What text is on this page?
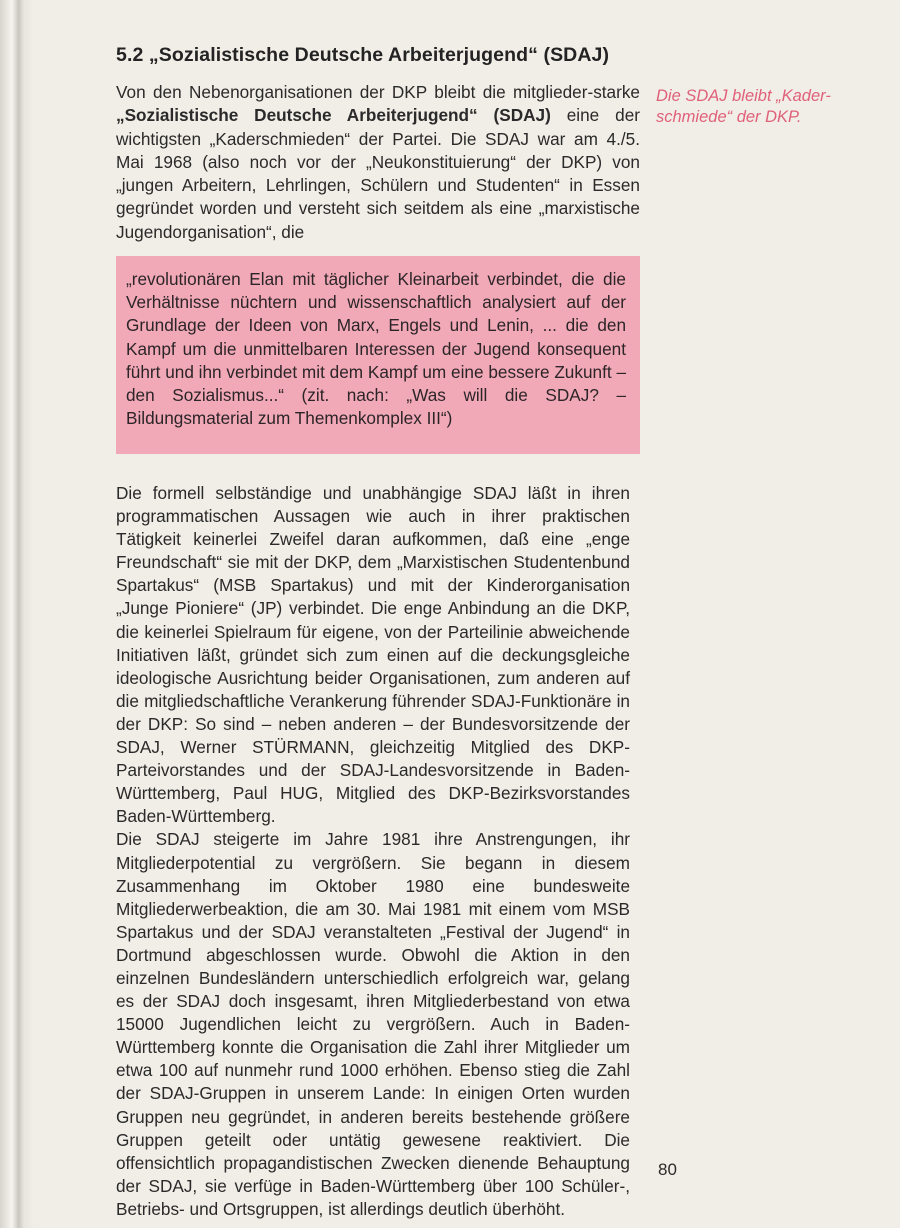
5.2 „Sozialistische Deutsche Arbeiterjugend“ (SDAJ)

Von den Nebenorganisationen der DKP bleibt die mitglieder-starke „Sozialistische Deutsche Arbeiterjugend“ (SDAJ) eine der wichtigsten „Kaderschmieden“ der Partei. Die SDAJ war am 4./5. Mai 1968 (also noch vor der „Neukonstituierung“ der DKP) von „jungen Arbeitern, Lehrlingen, Schülern und Studenten“ in Essen gegründet worden und versteht sich seitdem als eine „marxistische Jugendorganisation“, die

Die SDAJ bleibt „Kader-schmiede“ der DKP.

„revolutionären Elan mit täglicher Kleinarbeit verbindet, die die Verhältnisse nüchtern und wissenschaftlich analysiert auf der Grundlage der Ideen von Marx, Engels und Lenin, ... die den Kampf um die unmittelbaren Interessen der Jugend konsequent führt und ihn verbindet mit dem Kampf um eine bessere Zukunft – den Sozialismus...“ (zit. nach: „Was will die SDAJ? – Bildungsmaterial zum Themenkomplex III“)

Die formell selbständige und unabhängige SDAJ läßt in ihren programmatischen Aussagen wie auch in ihrer praktischen Tätigkeit keinerlei Zweifel daran aufkommen, daß eine „enge Freundschaft“ sie mit der DKP, dem „Marxistischen Studentenbund Spartakus“ (MSB Spartakus) und mit der Kinderorganisation „Junge Pioniere“ (JP) verbindet. Die enge Anbindung an die DKP, die keinerlei Spielraum für eigene, von der Parteilinie abweichende Initiativen läßt, gründet sich zum einen auf die deckungsgleiche ideologische Ausrichtung beider Organisationen, zum anderen auf die mitgliedschaftliche Verankerung führender SDAJ-Funktionäre in der DKP: So sind – neben anderen – der Bundesvorsitzende der SDAJ, Werner STÜRMANN, gleichzeitig Mitglied des DKP-Parteivorstandes und der SDAJ-Landesvorsitzende in Baden-Württemberg, Paul HUG, Mitglied des DKP-Bezirksvorstandes Baden-Württemberg.

Die SDAJ steigerte im Jahre 1981 ihre Anstrengungen, ihr Mitgliederpotential zu vergrößern. Sie begann in diesem Zusammenhang im Oktober 1980 eine bundesweite Mitgliederwerbeaktion, die am 30. Mai 1981 mit einem vom MSB Spartakus und der SDAJ veranstalteten „Festival der Jugend“ in Dortmund abgeschlossen wurde. Obwohl die Aktion in den einzelnen Bundesländern unterschiedlich erfolgreich war, gelang es der SDAJ doch insgesamt, ihren Mitgliederbestand von etwa 15000 Jugendlichen leicht zu vergrößern. Auch in Baden-Württemberg konnte die Organisation die Zahl ihrer Mitglieder um etwa 100 auf nunmehr rund 1000 erhöhen. Ebenso stieg die Zahl der SDAJ-Gruppen in unserem Lande: In einigen Orten wurden Gruppen neu gegründet, in anderen bereits bestehende größere Gruppen geteilt oder untätig gewesene reaktiviert. Die offensichtlich propagandistischen Zwecken dienende Behauptung der SDAJ, sie verfüge in Baden-Württemberg über 100 Schüler-, Betriebs- und Ortsgruppen, ist allerdings deutlich überhöht.

80
